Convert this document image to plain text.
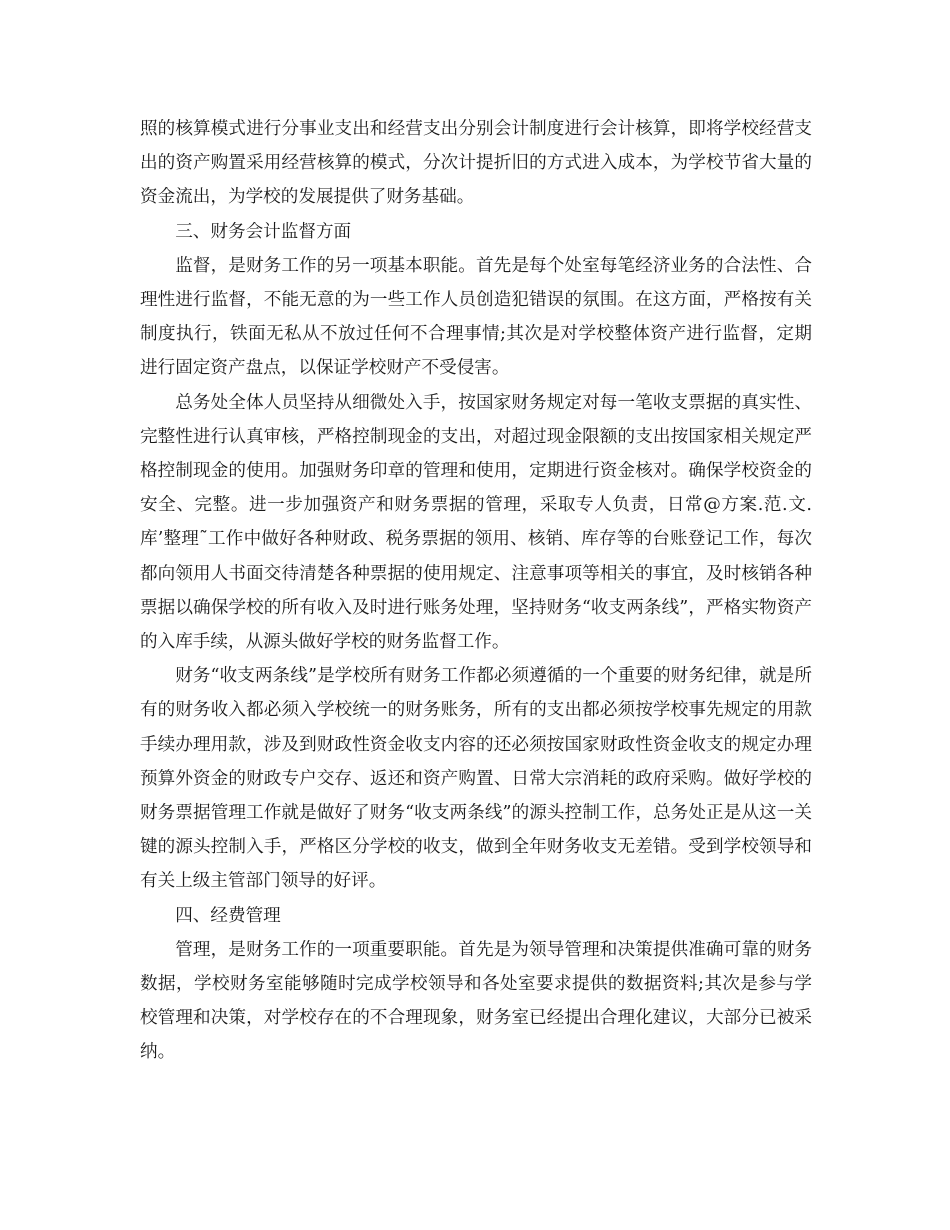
照的核算模式进行分事业支出和经营支出分别会计制度进行会计核算，即将学校经营支出的资产购置采用经营核算的模式，分次计提折旧的方式进入成本，为学校节省大量的资金流出，为学校的发展提供了财务基础。

三、财务会计监督方面

监督，是财务工作的另一项基本职能。首先是每个处室每笔经济业务的合法性、合理性进行监督，不能无意的为一些工作人员创造犯错误的氛围。在这方面，严格按有关制度执行，铁面无私从不放过任何不合理事情;其次是对学校整体资产进行监督，定期进行固定资产盘点，以保证学校财产不受侵害。

总务处全体人员坚持从细微处入手，按国家财务规定对每一笔收支票据的真实性、完整性进行认真审核，严格控制现金的支出，对超过现金限额的支出按国家相关规定严格控制现金的使用。加强财务印章的管理和使用，定期进行资金核对。确保学校资金的安全、完整。进一步加强资产和财务票据的管理，采取专人负责，日常@方案.范.文.库’整理˜工作中做好各种财政、税务票据的领用、核销、库存等的台账登记工作，每次都向领用人书面交待清楚各种票据的使用规定、注意事项等相关的事宜，及时核销各种票据以确保学校的所有收入及时进行账务处理，坚持财务“收支两条线”，严格实物资产的入库手续，从源头做好学校的财务监督工作。

财务“收支两条线”是学校所有财务工作都必须遵循的一个重要的财务纪律，就是所有的财务收入都必须入学校统一的财务账务，所有的支出都必须按学校事先规定的用款手续办理用款，涉及到财政性资金收支内容的还必须按国家财政性资金收支的规定办理预算外资金的财政专户交存、返还和资产购置、日常大宗消耗的政府采购。做好学校的财务票据管理工作就是做好了财务“收支两条线”的源头控制工作，总务处正是从这一关键的源头控制入手，严格区分学校的收支，做到全年财务收支无差错。受到学校领导和有关上级主管部门领导的好评。

四、经费管理

管理，是财务工作的一项重要职能。首先是为领导管理和决策提供准确可靠的财务数据，学校财务室能够随时完成学校领导和各处室要求提供的数据资料;其次是参与学校管理和决策，对学校存在的不合理现象，财务室已经提出合理化建议，大部分已被采纳。
